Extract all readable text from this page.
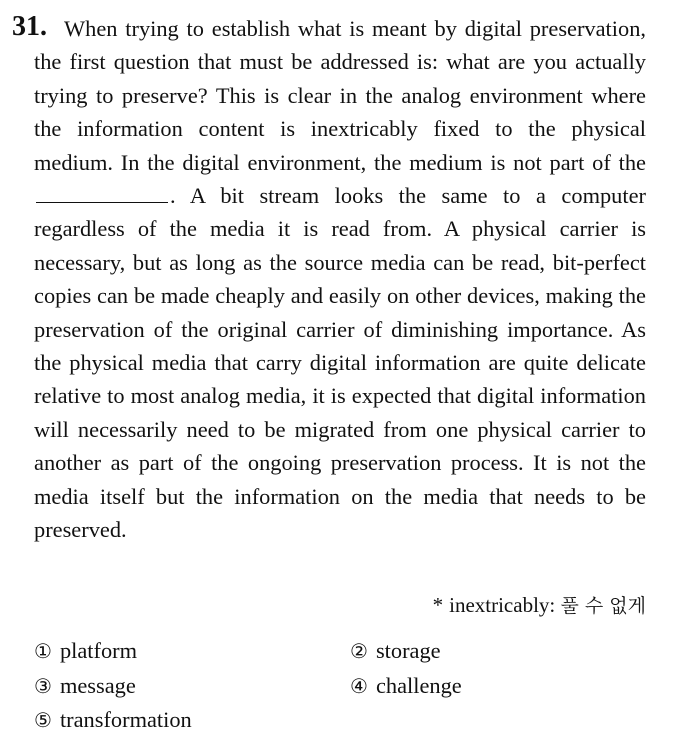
31. When trying to establish what is meant by digital preservation, the first question that must be addressed is: what are you actually trying to preserve? This is clear in the analog environment where the information content is inextricably fixed to the physical medium. In the digital environment, the medium is not part of the . A bit stream looks the same to a computer regardless of the media it is read from. A physical carrier is necessary, but as long as the source media can be read, bit-perfect copies can be made cheaply and easily on other devices, making the preservation of the original carrier of diminishing importance. As the physical media that carry digital information are quite delicate relative to most analog media, it is expected that digital information will necessarily need to be migrated from one physical carrier to another as part of the ongoing preservation process. It is not the media itself but the information on the media that needs to be preserved.
* inextricably: 풀 수 없게
① platform	② storage
③ message	④ challenge
⑤ transformation
